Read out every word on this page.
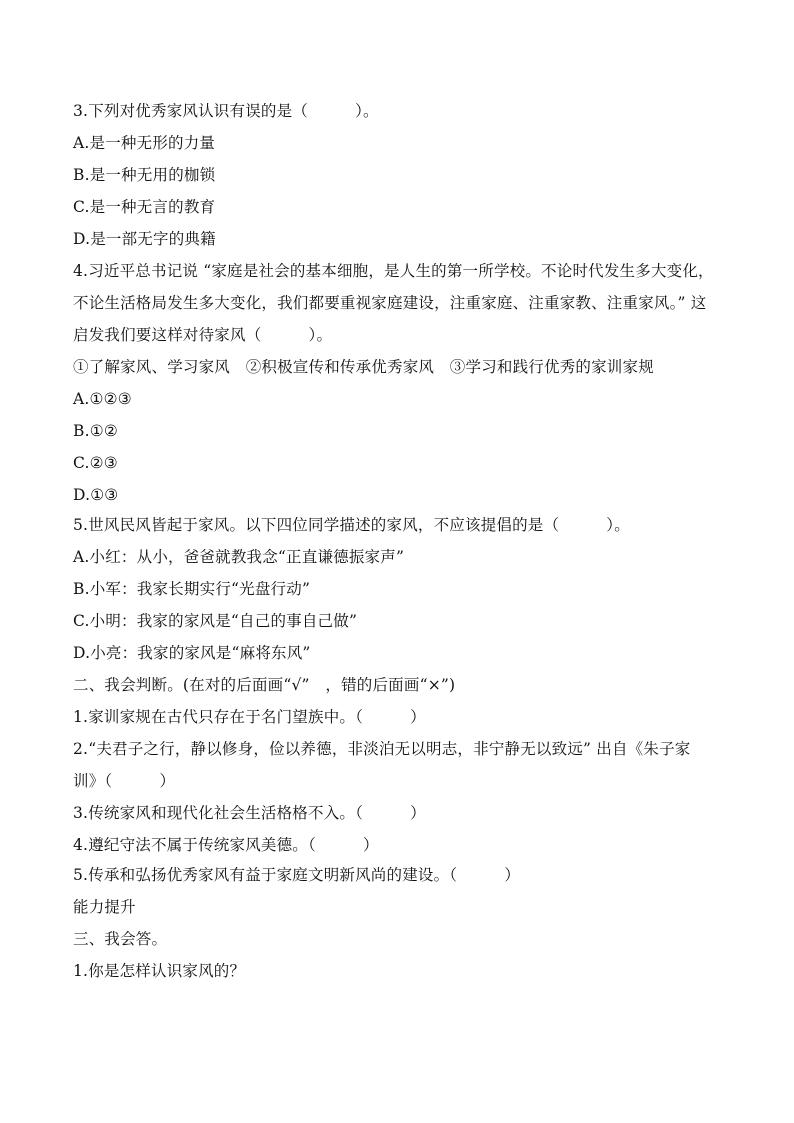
3.下列对优秀家风认识有误的是（　　　）。
A.是一种无形的力量
B.是一种无用的枷锁
C.是一种无言的教育
D.是一部无字的典籍
4.习近平总书记说 “家庭是社会的基本细胞，是人生的第一所学校。不论时代发生多大变化，
不论生活格局发生多大变化，我们都要重视家庭建设，注重家庭、注重家教、注重家风。” 这
启发我们要这样对待家风（　　　）。
①了解家风、学习家风　②积极宣传和传承优秀家风　③学习和践行优秀的家训家规
A.①②③
B.①②
C.②③
D.①③
5.世风民风皆起于家风。以下四位同学描述的家风，不应该提倡的是（　　　）。
A.小红：从小，爸爸就教我念“正直谦德振家声”
B.小军：我家长期实行“光盘行动”
C.小明：我家的家风是“自己的事自己做”
D.小亮：我家的家风是“麻将东风”
二、我会判断。(在对的后面画“√”　，错的后面画“×”)
1.家训家规在古代只存在于名门望族中。（　　　）
2.“夫君子之行，静以修身，俭以养德，非淡泊无以明志，非宁静无以致远” 出自《朱子家
训》（　　　）
3.传统家风和现代化社会生活格格不入。（　　　）
4.遵纪守法不属于传统家风美德。（　　　）
5.传承和弘扬优秀家风有益于家庭文明新风尚的建设。（　　　）
能力提升
三、我会答。
1.你是怎样认识家风的？
